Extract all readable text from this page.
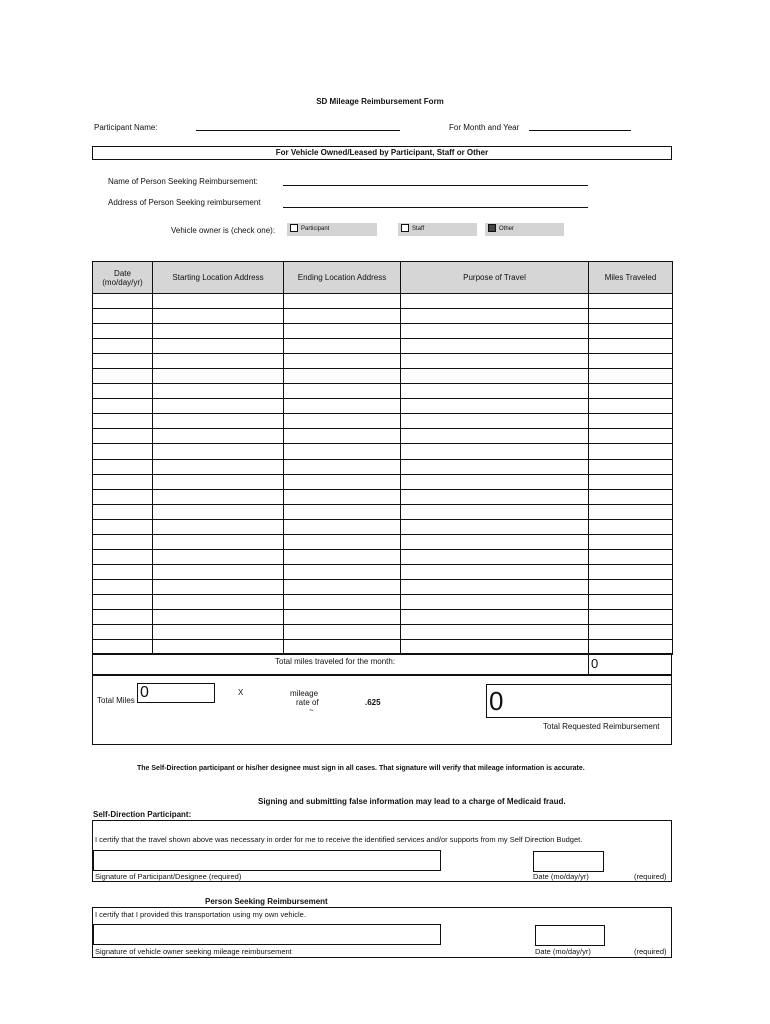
SD Mileage Reimbursement Form
Participant Name:	For Month and Year
For Vehicle Owned/Leased by Participant, Staff or Other
Name of Person Seeking Reimbursement:
Address of Person Seeking reimbursement
Vehicle owner is (check one):	Participant	Staff	Other
Date
(mo/day/yr)	Starting Location Address	Ending Location Address	Purpose of Travel	Miles Traveled

Total miles traveled for the month:	0
Total Miles 0	X	mileage
rate of
~
.625	0
Total Requested Reimbursement
The Self-Direction participant or his/her designee must sign in all cases. That signature will verify that mileage information is accurate.
Signing and submitting false information may lead to a charge of Medicaid fraud.
Self-Direction Participant:
I certify that the travel shown above was necessary in order for me to receive the identified services and/or supports from my Self Direction Budget.
Signature of Participant/Designee (required)	Date (mo/day/yr)	(required)
Person Seeking Reimbursement
I certify that I provided this transportation using my own vehicle.
Signature of vehicle owner seeking mileage reimbursement	Date (mo/day/yr)	(required)
